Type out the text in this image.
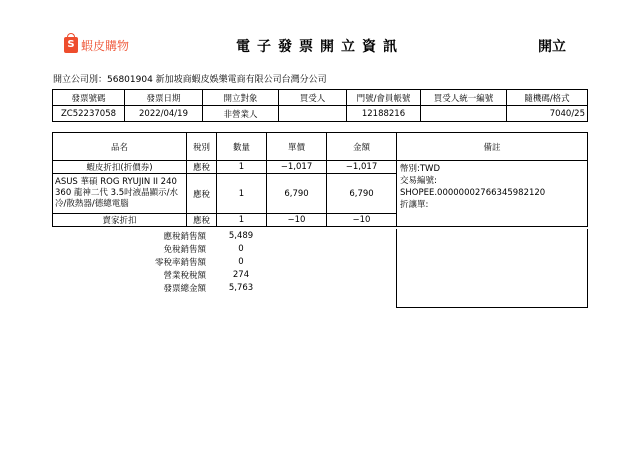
S 蝦皮購物	電子發票開立資訊	開立
開立公司別：56801904 新加坡商蝦皮娛樂電商有限公司台灣分公司
發票號碼	發票日期	開立對象	買受人	門號/會員帳號	買受人統一編號	隨機碼/格式
ZC52237058	2022/04/19	非營業人		12188216		7040/25
品名	稅別	數量	單價	金額	備註
蝦皮折扣(折價券)	應稅	1	−1,017	−1,017	幣別:TWD
交易編號:
SHOPEE.00000002766345982120
折讓單:

ASUS 華碩 ROG RYUJIN II 240 360 龍神二代 3.5吋液晶顯示/水冷/散熱器/德總電腦	應稅	1	6,790	6,790	
賣家折扣	應稅	1	−10	−10	
應稅銷售額	5,489
免稅銷售額	0
零稅率銷售額	0
營業稅稅額	274
發票總金額	5,763
